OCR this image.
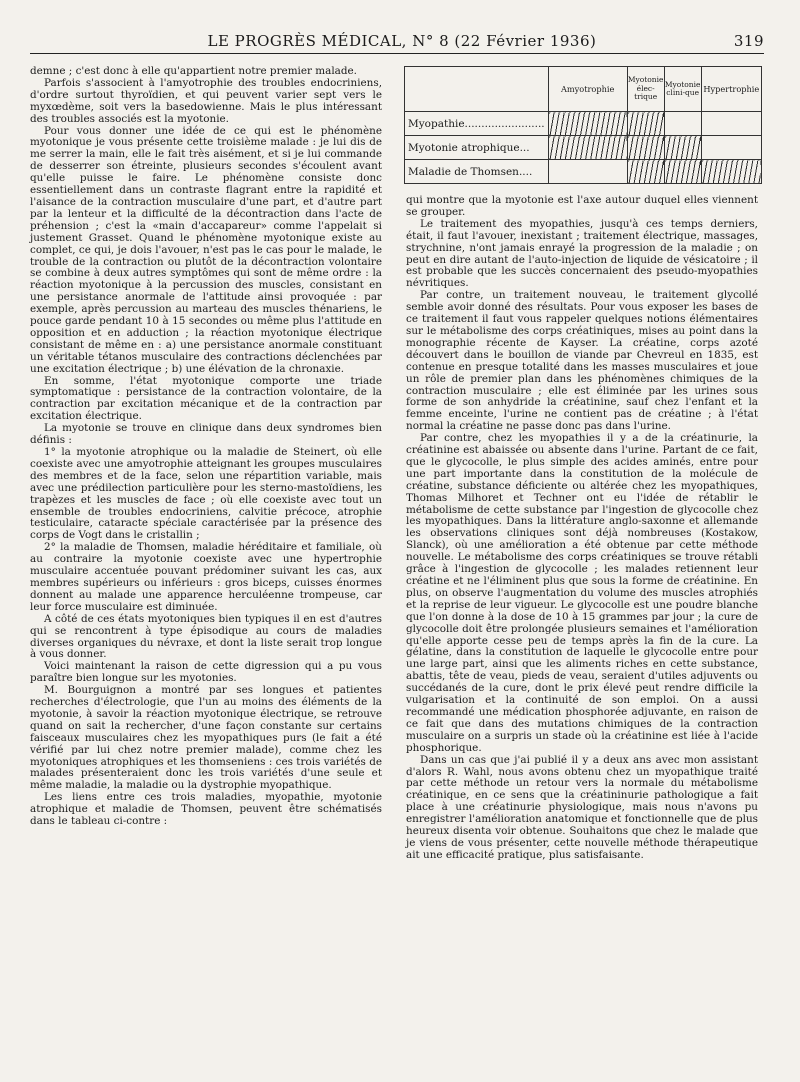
LE PROGRÈS MÉDICAL, N° 8 (22 Février 1936)	319

demne ; c'est donc à elle qu'appartient notre premier malade.

Parfois s'associent à l'amyotrophie des troubles endocriniens, d'ordre surtout thyroïdien, et qui peuvent varier sept vers le myxœdème, soit vers la basedowienne. Mais le plus intéressant des troubles associés est la myotonie.

Pour vous donner une idée de ce qui est le phénomène myotonique je vous présente cette troisième malade : je lui dis de me serrer la main, elle le fait très aisément, et si je lui commande de desserrer son étreinte, plusieurs secondes s'écoulent avant qu'elle puisse le faire. Le phénomène consiste donc essentiellement dans un contraste flagrant entre la rapidité et l'aisance de la contraction musculaire d'une part, et d'autre part par la lenteur et la difficulté de la décontraction dans l'acte de préhension ; c'est la «main d'accapareur» comme l'appelait si justement Grasset. Quand le phénomène myotonique existe au complet, ce qui, je dois l'avouer, n'est pas le cas pour le malade, le trouble de la contraction ou plutôt de la décontraction volontaire se combine à deux autres symptômes qui sont de même ordre : la réaction myotonique à la percussion des muscles, consistant en une persistance anormale de l'attitude ainsi provoquée : par exemple, après percussion au marteau des muscles thénariens, le pouce garde pendant 10 à 15 secondes ou même plus l'attitude en opposition et en adduction ; la réaction myotonique électrique consistant de même en : a) une persistance anormale constituant un véritable tétanos musculaire des contractions déclenchées par une excitation électrique ; b) une élévation de la chronaxie.

En somme, l'état myotonique comporte une triade symptomatique : persistance de la contraction volontaire, de la contraction par excitation mécanique et de la contraction par excitation électrique.

La myotonie se trouve en clinique dans deux syndromes bien définis :

1° la myotonie atrophique ou la maladie de Steinert, où elle coexiste avec une amyotrophie atteignant les groupes musculaires des membres et de la face, selon une répartition variable, mais avec une prédilection particulière pour les sterno-mastoïdiens, les trapèzes et les muscles de face ; où elle coexiste avec tout un ensemble de troubles endocriniens, calvitie précoce, atrophie testiculaire, cataracte spéciale caractérisée par la présence des corps de Vogt dans le cristallin ;

2° la maladie de Thomsen, maladie héréditaire et familiale, où au contraire la myotonie coexiste avec une hypertrophie musculaire accentuée pouvant prédominer suivant les cas, aux membres supérieurs ou inférieurs : gros biceps, cuisses énormes donnent au malade une apparence herculéenne trompeuse, car leur force musculaire est diminuée.

A côté de ces états myotoniques bien typiques il en est d'autres qui se rencontrent à type épisodique au cours de maladies diverses organiques du névraxe, et dont la liste serait trop longue à vous donner.

Voici maintenant la raison de cette digression qui a pu vous paraître bien longue sur les myotonies.

M. Bourguignon a montré par ses longues et patientes recherches d'électrologie, que l'un au moins des éléments de la myotonie, à savoir la réaction myotonique électrique, se retrouve quand on sait la rechercher, d'une façon constante sur certains faisceaux musculaires chez les myopathiques purs (le fait a été vérifié par lui chez notre premier malade), comme chez les myotoniques atrophiques et les thomseniens : ces trois variétés de malades présenteraient donc les trois variétés d'une seule et même maladie, la maladie ou la dystrophie myopathique.

Les liens entre ces trois maladies, myopathie, myotonie atrophique et maladie de Thomsen, peuvent être schématisés dans le tableau ci-contre :

	Amyotrophie	Myotonie élec-trique	Myotonie clini-que	Hypertrophie
Myopathie........................				
Myotonie atrophique...				
Maladie de Thomsen....				

qui montre que la myotonie est l'axe autour duquel elles viennent se grouper.

Le traitement des myopathies, jusqu'à ces temps derniers, était, il faut l'avouer, inexistant ; traitement électrique, massages, strychnine, n'ont jamais enrayé la progression de la maladie ; on peut en dire autant de l'auto-injection de liquide de vésicatoire ; il est probable que les succès concernaient des pseudo-myopathies névritiques.

Par contre, un traitement nouveau, le traitement glycollé semble avoir donné des résultats. Pour vous exposer les bases de ce traitement il faut vous rappeler quelques notions élémentaires sur le métabolisme des corps créatiniques, mises au point dans la monographie récente de Kayser. La créatine, corps azoté découvert dans le bouillon de viande par Chevreul en 1835, est contenue en presque totalité dans les masses musculaires et joue un rôle de premier plan dans les phénomènes chimiques de la contraction musculaire ; elle est éliminée par les urines sous forme de son anhydride la créatinine, sauf chez l'enfant et la femme enceinte, l'urine ne contient pas de créatine ; à l'état normal la créatine ne passe donc pas dans l'urine.

Par contre, chez les myopathies il y a de la créatinurie, la créatinine est abaissée ou absente dans l'urine. Partant de ce fait, que le glycocolle, le plus simple des acides aminés, entre pour une part importante dans la constitution de la molécule de créatine, substance déficiente ou altérée chez les myopathiques, Thomas Milhoret et Techner ont eu l'idée de rétablir le métabolisme de cette substance par l'ingestion de glycocolle chez les myopathiques. Dans la littérature anglo-saxonne et allemande les observations cliniques sont déjà nombreuses (Kostakow, Slanck), où une amélioration a été obtenue par cette méthode nouvelle. Le métabolisme des corps créatiniques se trouve rétabli grâce à l'ingestion de glycocolle ; les malades retiennent leur créatine et ne l'éliminent plus que sous la forme de créatinine. En plus, on observe l'augmentation du volume des muscles atrophiés et la reprise de leur vigueur. Le glycocolle est une poudre blanche que l'on donne à la dose de 10 à 15 grammes par jour ; la cure de glycocolle doit être prolongée plusieurs semaines et l'amélioration qu'elle apporte cesse peu de temps après la fin de la cure. La gélatine, dans la constitution de laquelle le glycocolle entre pour une large part, ainsi que les aliments riches en cette substance, abattis, tête de veau, pieds de veau, seraient d'utiles adjuvents ou succédanés de la cure, dont le prix élevé peut rendre difficile la vulgarisation et la continuité de son emploi. On a aussi recommandé une médication phosphorée adjuvante, en raison de ce fait que dans des mutations chimiques de la contraction musculaire on a surpris un stade où la créatinine est liée à l'acide phosphorique.

Dans un cas que j'ai publié il y a deux ans avec mon assistant d'alors R. Wahl, nous avons obtenu chez un myopathique traité par cette méthode un retour vers la normale du métabolisme créatinique, en ce sens que la créatininurie pathologique a fait place à une créatinurie physiologique, mais nous n'avons pu enregistrer l'amélioration anatomique et fonctionnelle que de plus heureux disenta voir obtenue. Souhaitons que chez le malade que je viens de vous présenter, cette nouvelle méthode thérapeutique ait une efficacité pratique, plus satisfaisante.
